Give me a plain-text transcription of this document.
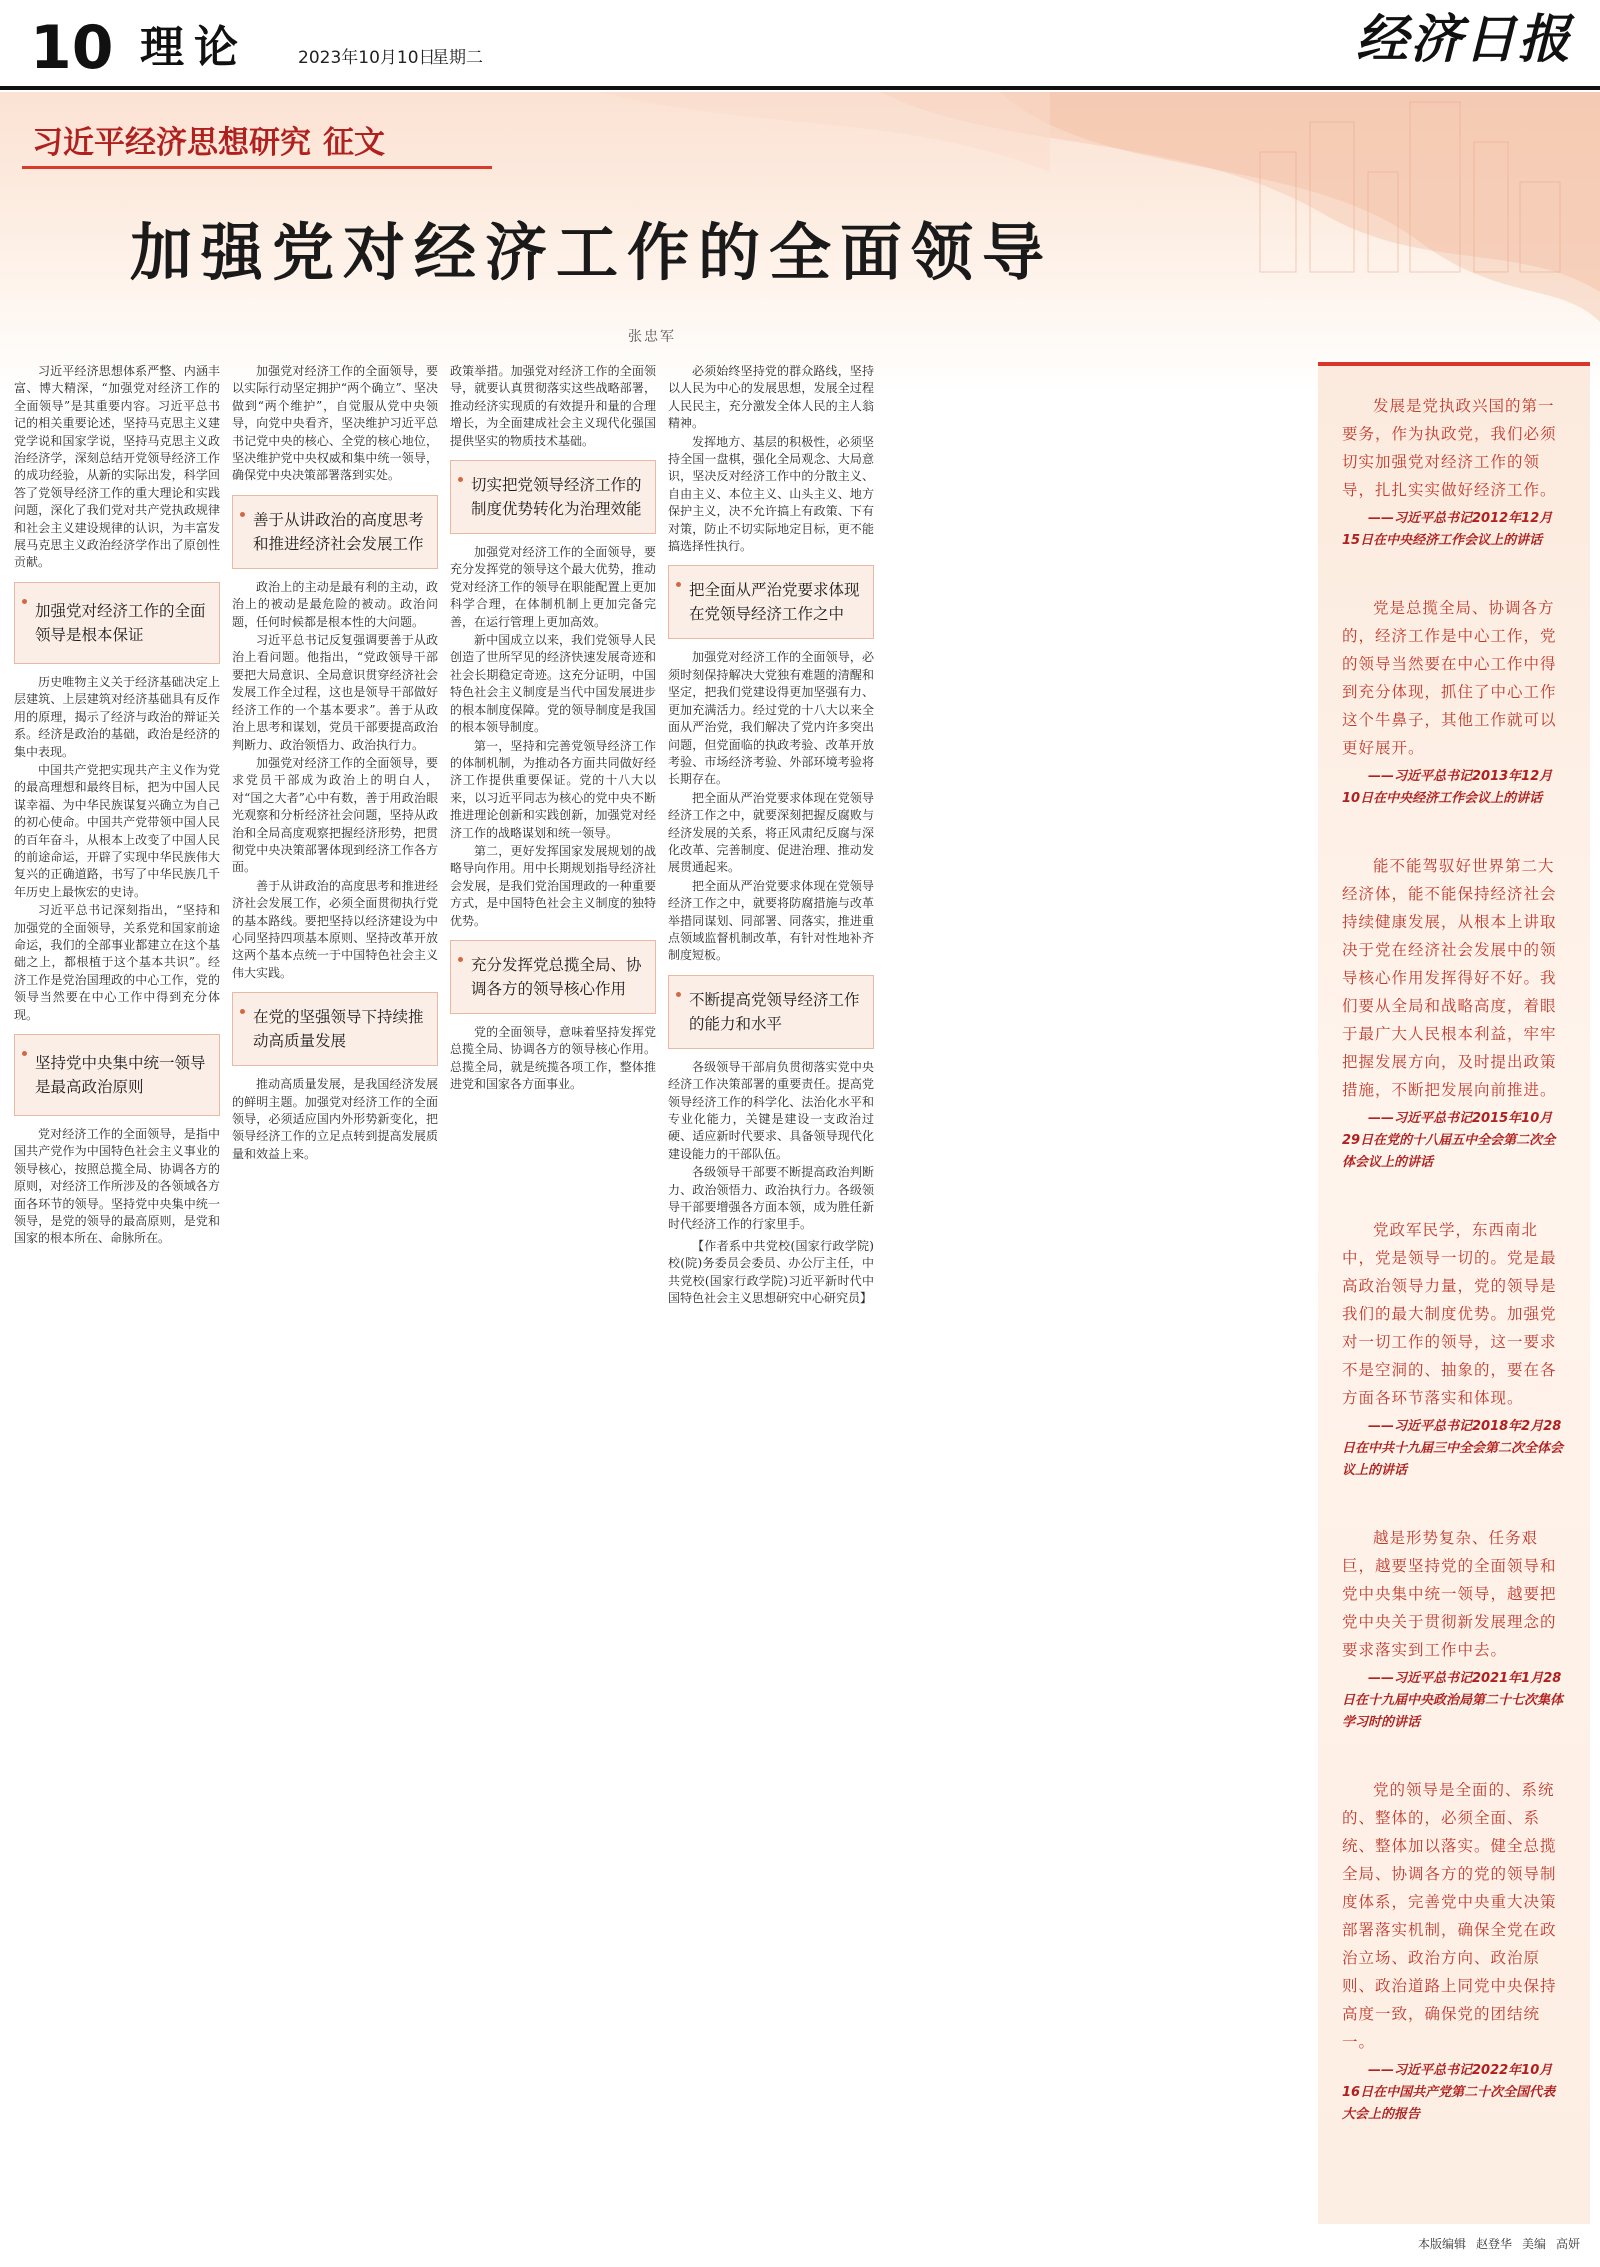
10 理论	2023年10月10日
星期二	经济日报
习近平经济思想研究 征文
加强党对经济工作的全面领导
张忠军

习近平经济思想体系严整、内涵丰富、博大精深，“加强党对经济工作的全面领导”是其重要内容。习近平总书记的相关重要论述，坚持马克思主义建党学说和国家学说，坚持马克思主义政治经济学，深刻总结开党领导经济工作的成功经验，从新的实际出发，科学回答了党领导经济工作的重大理论和实践问题，深化了我们党对共产党执政规律和社会主义建设规律的认识，为丰富发展马克思主义政治经济学作出了原创性贡献。

加强党对经济工作的全面领导是根本保证

历史唯物主义关于经济基础决定上层建筑、上层建筑对经济基础具有反作用的原理，揭示了经济与政治的辩证关系。经济是政治的基础，政治是经济的集中表现。

中国共产党把实现共产主义作为党的最高理想和最终目标，把为中国人民谋幸福、为中华民族谋复兴确立为自己的初心使命。中国共产党带领中国人民的百年奋斗，从根本上改变了中国人民的前途命运，开辟了实现中华民族伟大复兴的正确道路，书写了中华民族几千年历史上最恢宏的史诗。

习近平总书记深刻指出，“坚持和加强党的全面领导，关系党和国家前途命运，我们的全部事业都建立在这个基础之上，都根植于这个基本共识”。经济工作是党治国理政的中心工作，党的领导当然要在中心工作中得到充分体现。

坚持党中央集中统一领导是最高政治原则

党对经济工作的全面领导，是指中国共产党作为中国特色社会主义事业的领导核心，按照总揽全局、协调各方的原则，对经济工作所涉及的各领域各方面各环节的领导。坚持党中央集中统一领导，是党的领导的最高原则，是党和国家的根本所在、命脉所在。

加强党对经济工作的全面领导，要以实际行动坚定拥护“两个确立”、坚决做到“两个维护”，自觉服从党中央领导，向党中央看齐，坚决维护习近平总书记党中央的核心、全党的核心地位，坚决维护党中央权威和集中统一领导，确保党中央决策部署落到实处。

善于从讲政治的高度思考和推进经济社会发展工作

政治上的主动是最有利的主动，政治上的被动是最危险的被动。政治问题，任何时候都是根本性的大问题。

习近平总书记反复强调要善于从政治上看问题。他指出，“党政领导干部要把大局意识、全局意识贯穿经济社会发展工作全过程，这也是领导干部做好经济工作的一个基本要求”。善于从政治上思考和谋划，党员干部要提高政治判断力、政治领悟力、政治执行力。

加强党对经济工作的全面领导，要求党员干部成为政治上的明白人，对“国之大者”心中有数，善于用政治眼光观察和分析经济社会问题，坚持从政治和全局高度观察把握经济形势，把贯彻党中央决策部署体现到经济工作各方面。

善于从讲政治的高度思考和推进经济社会发展工作，必须全面贯彻执行党的基本路线。要把坚持以经济建设为中心同坚持四项基本原则、坚持改革开放这两个基本点统一于中国特色社会主义伟大实践。

在党的坚强领导下持续推动高质量发展

推动高质量发展，是我国经济发展的鲜明主题。加强党对经济工作的全面领导，必须适应国内外形势新变化，把领导经济工作的立足点转到提高发展质量和效益上来。

政策举措。加强党对经济工作的全面领导，就要认真贯彻落实这些战略部署，推动经济实现质的有效提升和量的合理增长，为全面建成社会主义现代化强国提供坚实的物质技术基础。

切实把党领导经济工作的制度优势转化为治理效能

加强党对经济工作的全面领导，要充分发挥党的领导这个最大优势，推动党对经济工作的领导在职能配置上更加科学合理，在体制机制上更加完备完善，在运行管理上更加高效。

新中国成立以来，我们党领导人民创造了世所罕见的经济快速发展奇迹和社会长期稳定奇迹。这充分证明，中国特色社会主义制度是当代中国发展进步的根本制度保障。党的领导制度是我国的根本领导制度。

第一，坚持和完善党领导经济工作的体制机制，为推动各方面共同做好经济工作提供重要保证。党的十八大以来，以习近平同志为核心的党中央不断推进理论创新和实践创新，加强党对经济工作的战略谋划和统一领导。

第二，更好发挥国家发展规划的战略导向作用。用中长期规划指导经济社会发展，是我们党治国理政的一种重要方式，是中国特色社会主义制度的独特优势。

充分发挥党总揽全局、协调各方的领导核心作用

党的全面领导，意味着坚持发挥党总揽全局、协调各方的领导核心作用。总揽全局，就是统揽各项工作，整体推进党和国家各方面事业。

必须始终坚持党的群众路线，坚持以人民为中心的发展思想，发展全过程人民民主，充分激发全体人民的主人翁精神。

发挥地方、基层的积极性，必须坚持全国一盘棋，强化全局观念、大局意识，坚决反对经济工作中的分散主义、自由主义、本位主义、山头主义、地方保护主义，决不允许搞上有政策、下有对策，防止不切实际地定目标，更不能搞选择性执行。

把全面从严治党要求体现在党领导经济工作之中

加强党对经济工作的全面领导，必须时刻保持解决大党独有难题的清醒和坚定，把我们党建设得更加坚强有力、更加充满活力。经过党的十八大以来全面从严治党，我们解决了党内许多突出问题，但党面临的执政考验、改革开放考验、市场经济考验、外部环境考验将长期存在。

把全面从严治党要求体现在党领导经济工作之中，就要深刻把握反腐败与经济发展的关系，将正风肃纪反腐与深化改革、完善制度、促进治理、推动发展贯通起来。

把全面从严治党要求体现在党领导经济工作之中，就要将防腐措施与改革举措同谋划、同部署、同落实，推进重点领域监督机制改革，有针对性地补齐制度短板。

不断提高党领导经济工作的能力和水平

各级领导干部肩负贯彻落实党中央经济工作决策部署的重要责任。提高党领导经济工作的科学化、法治化水平和专业化能力，关键是建设一支政治过硬、适应新时代要求、具备领导现代化建设能力的干部队伍。

各级领导干部要不断提高政治判断力、政治领悟力、政治执行力。各级领导干部要增强各方面本领，成为胜任新时代经济工作的行家里手。

【作者系中共党校(国家行政学院)校(院)务委员会委员、办公厅主任，中共党校(国家行政学院)习近平新时代中国特色社会主义思想研究中心研究员】

发展是党执政兴国的第一要务，作为执政党，我们必须切实加强党对经济工作的领导，扎扎实实做好经济工作。

——习近平总书记2012年12月15日在中央经济工作会议上的讲话

党是总揽全局、协调各方的，经济工作是中心工作，党的领导当然要在中心工作中得到充分体现，抓住了中心工作这个牛鼻子，其他工作就可以更好展开。

——习近平总书记2013年12月10日在中央经济工作会议上的讲话

能不能驾驭好世界第二大经济体，能不能保持经济社会持续健康发展，从根本上讲取决于党在经济社会发展中的领导核心作用发挥得好不好。我们要从全局和战略高度，着眼于最广大人民根本利益，牢牢把握发展方向，及时提出政策措施，不断把发展向前推进。

——习近平总书记2015年10月29日在党的十八届五中全会第二次全体会议上的讲话

党政军民学，东西南北中，党是领导一切的。党是最高政治领导力量，党的领导是我们的最大制度优势。加强党对一切工作的领导，这一要求不是空洞的、抽象的，要在各方面各环节落实和体现。

——习近平总书记2018年2月28日在中共十九届三中全会第二次全体会议上的讲话

越是形势复杂、任务艰巨，越要坚持党的全面领导和党中央集中统一领导，越要把党中央关于贯彻新发展理念的要求落实到工作中去。

——习近平总书记2021年1月28日在十九届中央政治局第二十七次集体学习时的讲话

党的领导是全面的、系统的、整体的，必须全面、系统、整体加以落实。健全总揽全局、协调各方的党的领导制度体系，完善党中央重大决策部署落实机制，确保全党在政治立场、政治方向、政治原则、政治道路上同党中央保持高度一致，确保党的团结统一。

——习近平总书记2022年10月16日在中国共产党第二十次全国代表大会上的报告

本版编辑 赵登华 美编 高妍
